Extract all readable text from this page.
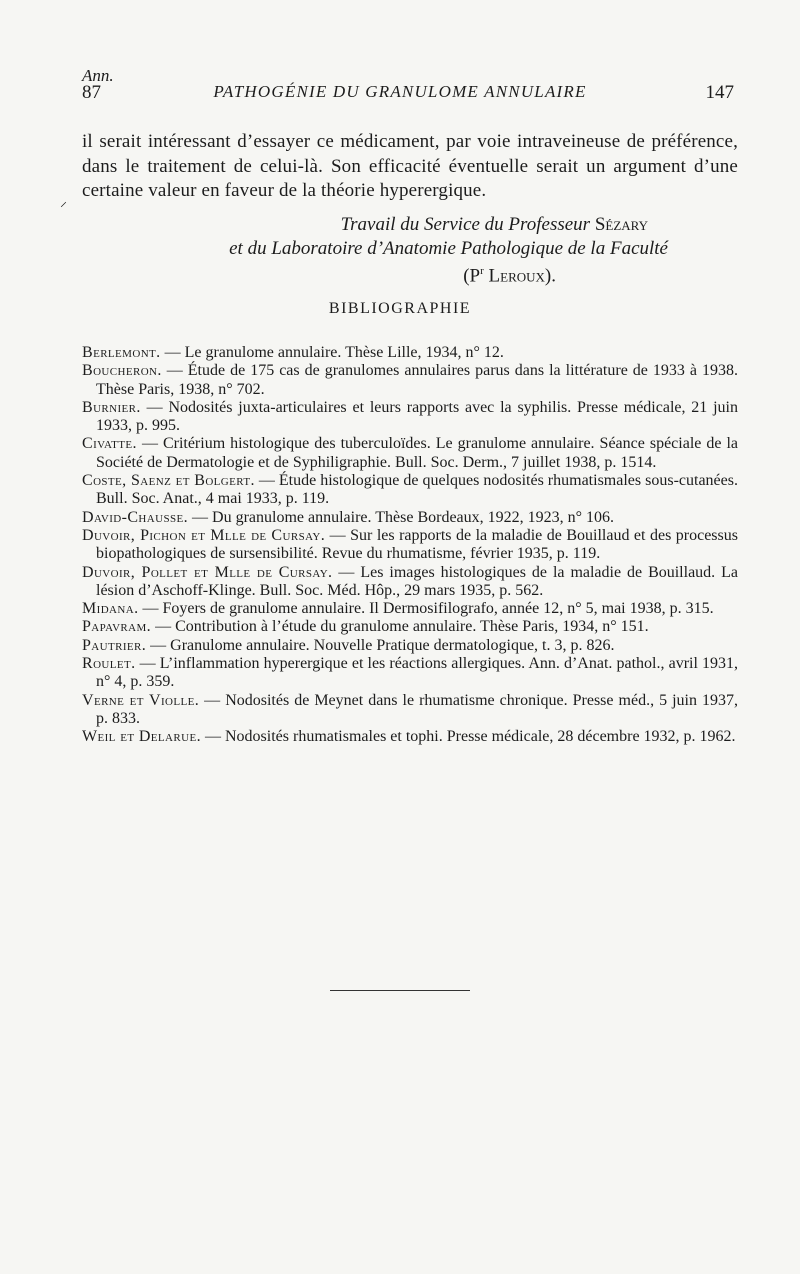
Ann.
87	PATHOGÉNIE DU GRANULOME ANNULAIRE	147

il serait intéressant d’essayer ce médicament, par voie intraveineuse de préférence, dans le traitement de celui-là. Son efficacité éventuelle serait un argument d’une certaine valeur en faveur de la théorie hyperergique.

⸝
Travail du Service du Professeur Sézary
et du Laboratoire d’Anatomie Pathologique de la Faculté
($P^r$ Leroux).
BIBLIOGRAPHIE

Berlemont. — Le granulome annulaire. Thèse Lille, 1934, n° 12.

Boucheron. — Étude de 175 cas de granulomes annulaires parus dans la littérature de 1933 à 1938. Thèse Paris, 1938, n° 702.

Burnier. — Nodosités juxta-articulaires et leurs rapports avec la syphilis. Presse médicale, 21 juin 1933, p. 995.

Civatte. — Critérium histologique des tuberculoïdes. Le granulome annulaire. Séance spéciale de la Société de Dermatologie et de Syphiligraphie. Bull. Soc. Derm., 7 juillet 1938, p. 1514.

Coste, Saenz et Bolgert. — Étude histologique de quelques nodosités rhumatismales sous-cutanées. Bull. Soc. Anat., 4 mai 1933, p. 119.

David-Chausse. — Du granulome annulaire. Thèse Bordeaux, 1922, 1923, n° 106.

Duvoir, Pichon et Mlle de Cursay. — Sur les rapports de la maladie de Bouillaud et des processus biopathologiques de sursensibilité. Revue du rhumatisme, février 1935, p. 119.

Duvoir, Pollet et Mlle de Cursay. — Les images histologiques de la maladie de Bouillaud. La lésion d’Aschoff-Klinge. Bull. Soc. Méd. Hôp., 29 mars 1935, p. 562.

Midana. — Foyers de granulome annulaire. Il Dermosifilografo, année 12, n° 5, mai 1938, p. 315.

Papavram. — Contribution à l’étude du granulome annulaire. Thèse Paris, 1934, n° 151.

Pautrier. — Granulome annulaire. Nouvelle Pratique dermatologique, t. 3, p. 826.

Roulet. — L’inflammation hyperergique et les réactions allergiques. Ann. d’Anat. pathol., avril 1931, n° 4, p. 359.

Verne et Violle. — Nodosités de Meynet dans le rhumatisme chronique. Presse méd., 5 juin 1937, p. 833.

Weil et Delarue. — Nodosités rhumatismales et tophi. Presse médicale, 28 décembre 1932, p. 1962.
